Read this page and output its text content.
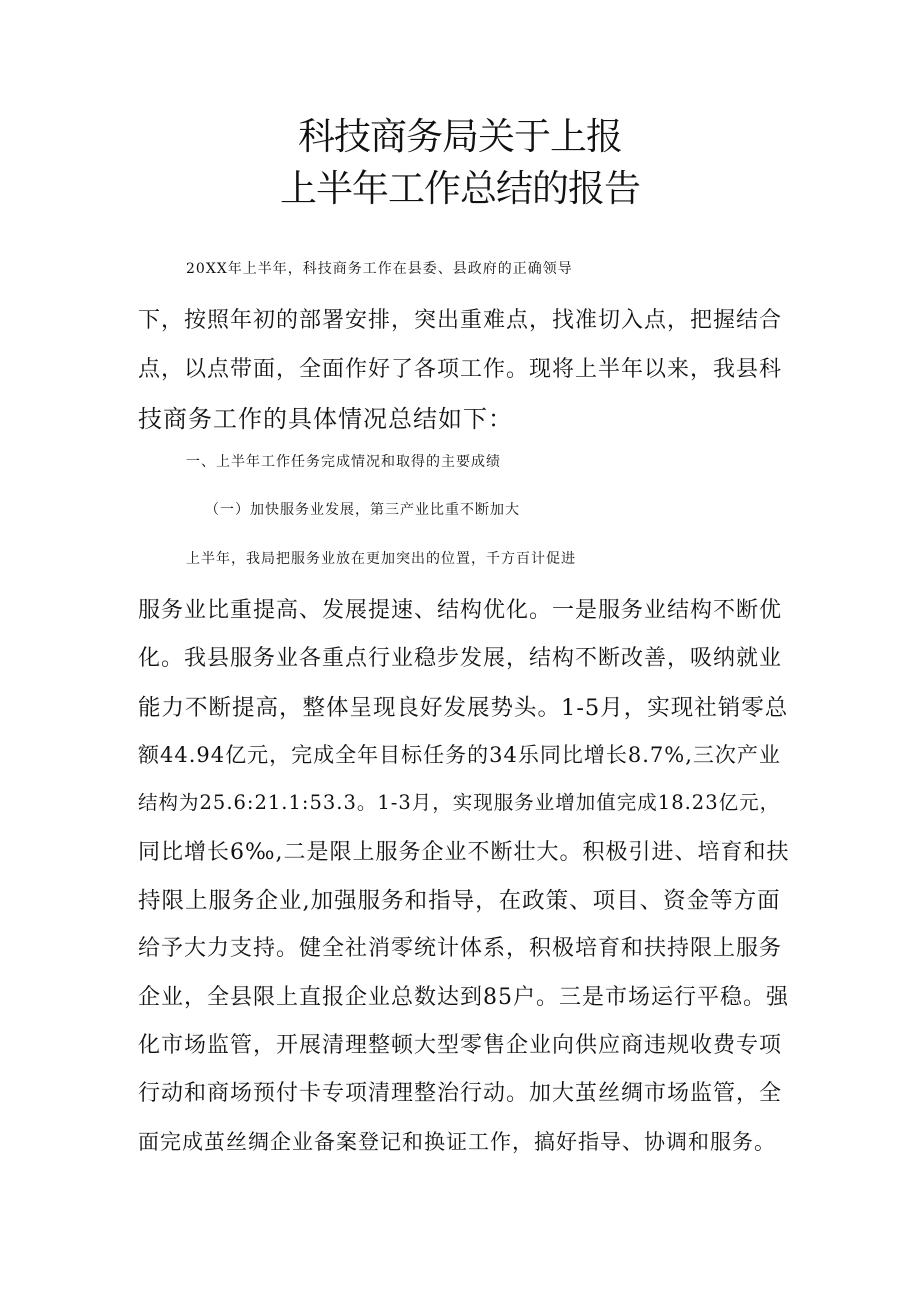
科技商务局关于上报
上半年工作总结的报告
20XX年上半年，科技商务工作在县委、县政府的正确领导
下，按照年初的部署安排，突出重难点，找准切入点，把握结合
点，以点带面，全面作好了各项工作。现将上半年以来，我县科
技商务工作的具体情况总结如下：
一、上半年工作任务完成情况和取得的主要成绩
（一）加快服务业发展，第三产业比重不断加大
上半年，我局把服务业放在更加突出的位置，千方百计促进
服务业比重提高、发展提速、结构优化。一是服务业结构不断优
化。我县服务业各重点行业稳步发展，结构不断改善，吸纳就业
能力不断提高，整体呈现良好发展势头。1-5月，实现社销零总
额44.94亿元，完成全年目标任务的34乐同比增长8.7%,三次产业
结构为25.6:21.1:53.3。1-3月，实现服务业增加值完成18.23亿元，
同比增长6‰,二是限上服务企业不断壮大。积极引进、培育和扶
持限上服务企业,加强服务和指导，在政策、项目、资金等方面
给予大力支持。健全社消零统计体系，积极培育和扶持限上服务
企业，全县限上直报企业总数达到85户。三是市场运行平稳。强
化市场监管，开展清理整顿大型零售企业向供应商违规收费专项
行动和商场预付卡专项清理整治行动。加大茧丝绸市场监管，全
面完成茧丝绸企业备案登记和换证工作，搞好指导、协调和服务。
